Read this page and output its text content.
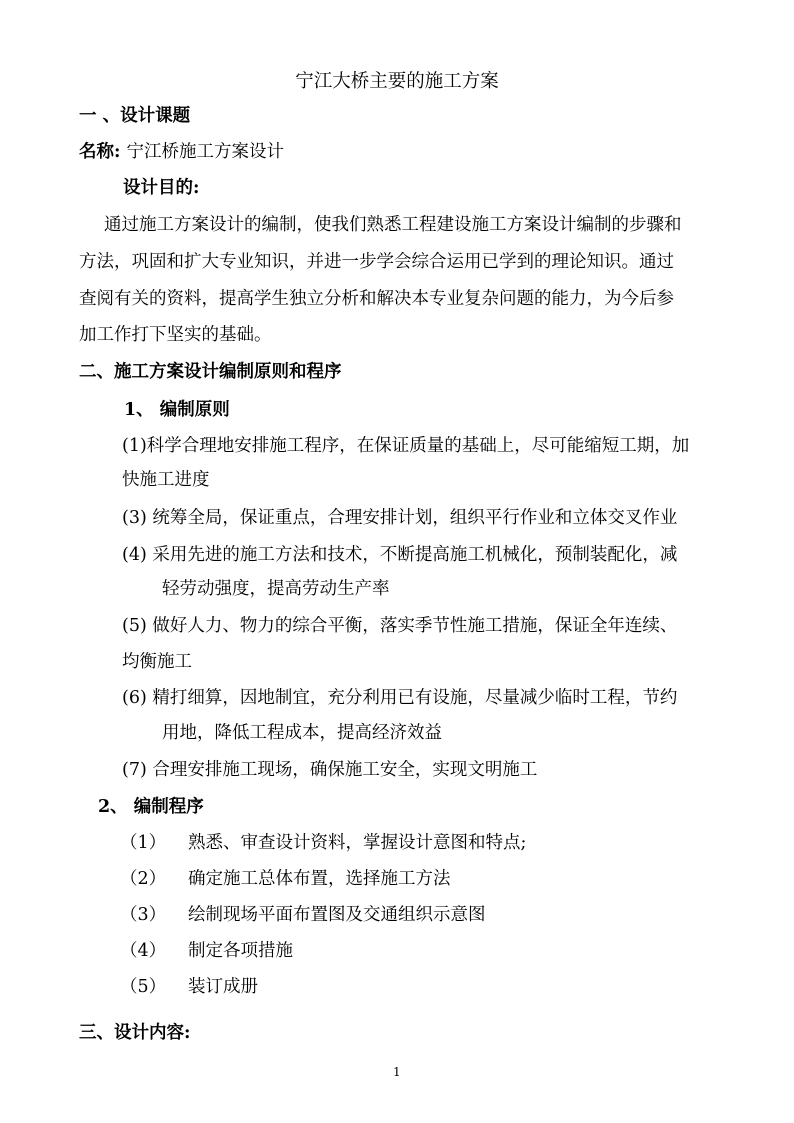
宁江大桥主要的施工方案
一 、设计课题
名称: 宁江桥施工方案设计
设计目的:
通过施工方案设计的编制，使我们熟悉工程建设施工方案设计编制的步骤和
方法，巩固和扩大专业知识，并进一步学会综合运用已学到的理论知识。通过
查阅有关的资料，提高学生独立分析和解决本专业复杂问题的能力，为今后参
加工作打下坚实的基础。
二、施工方案设计编制原则和程序
1、 编制原则
(1)科学合理地安排施工程序，在保证质量的基础上，尽可能缩短工期，加
快施工进度
(3) 统筹全局，保证重点，合理安排计划，组织平行作业和立体交叉作业
(4) 采用先进的施工方法和技术，不断提高施工机械化，预制装配化，减
轻劳动强度，提高劳动生产率
(5) 做好人力、物力的综合平衡，落实季节性施工措施，保证全年连续、
均衡施工
(6) 精打细算，因地制宜，充分利用已有设施，尽量减少临时工程，节约
用地，降低工程成本，提高经济效益
(7) 合理安排施工现场，确保施工安全，实现文明施工
2、 编制程序
（1） 熟悉、审查设计资料，掌握设计意图和特点;
（2） 确定施工总体布置，选择施工方法
（3） 绘制现场平面布置图及交通组织示意图
（4） 制定各项措施
（5） 装订成册
三、设计内容:
1
